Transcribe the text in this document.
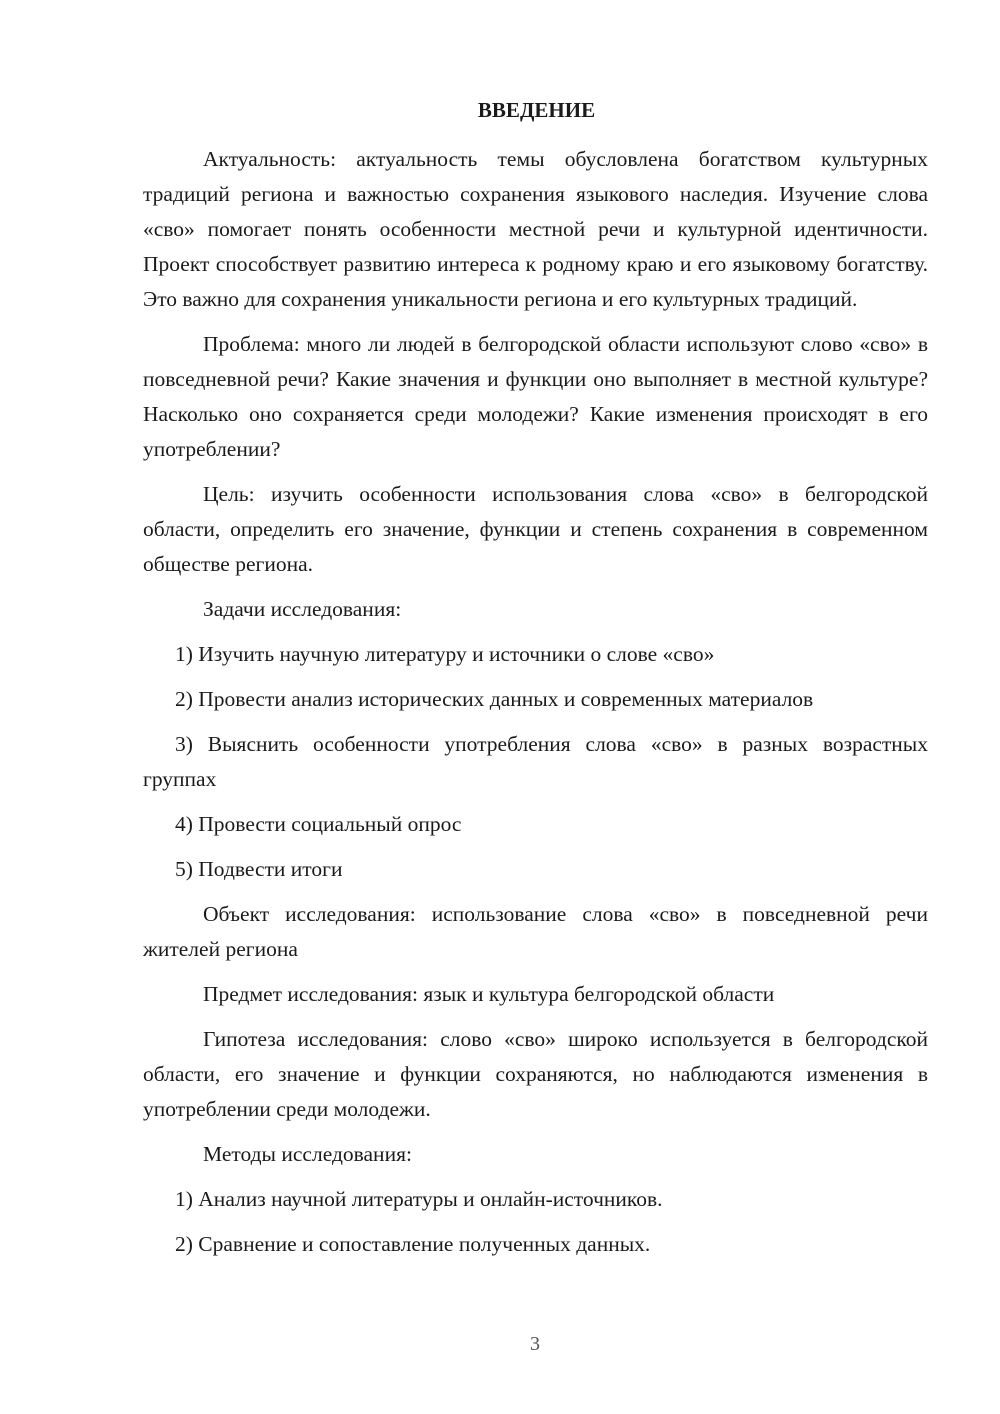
ВВЕДЕНИЕ

Актуальность: актуальность темы обусловлена богатством культурных традиций региона и важностью сохранения языкового наследия. Изучение слова «сво» помогает понять особенности местной речи и культурной идентичности. Проект способствует развитию интереса к родному краю и его языковому богатству. Это важно для сохранения уникальности региона и его культурных традиций.

Проблема: много ли людей в белгородской области используют слово «сво» в повседневной речи? Какие значения и функции оно выполняет в местной культуре? Насколько оно сохраняется среди молодежи? Какие изменения происходят в его употреблении?

Цель: изучить особенности использования слова «сво» в белгородской области, определить его значение, функции и степень сохранения в современном обществе региона.

Задачи исследования:

1) Изучить научную литературу и источники о слове «сво»

2) Провести анализ исторических данных и современных материалов

3) Выяснить особенности употребления слова «сво» в разных возрастных группах

4) Провести социальный опрос

5) Подвести итоги

Объект исследования: использование слова «сво» в повседневной речи жителей региона

Предмет исследования: язык и культура белгородской области

Гипотеза исследования: слово «сво» широко используется в белгородской области, его значение и функции сохраняются, но наблюдаются изменения в употреблении среди молодежи.

Методы исследования:

1) Анализ научной литературы и онлайн-источников.

2) Сравнение и сопоставление полученных данных.

3
